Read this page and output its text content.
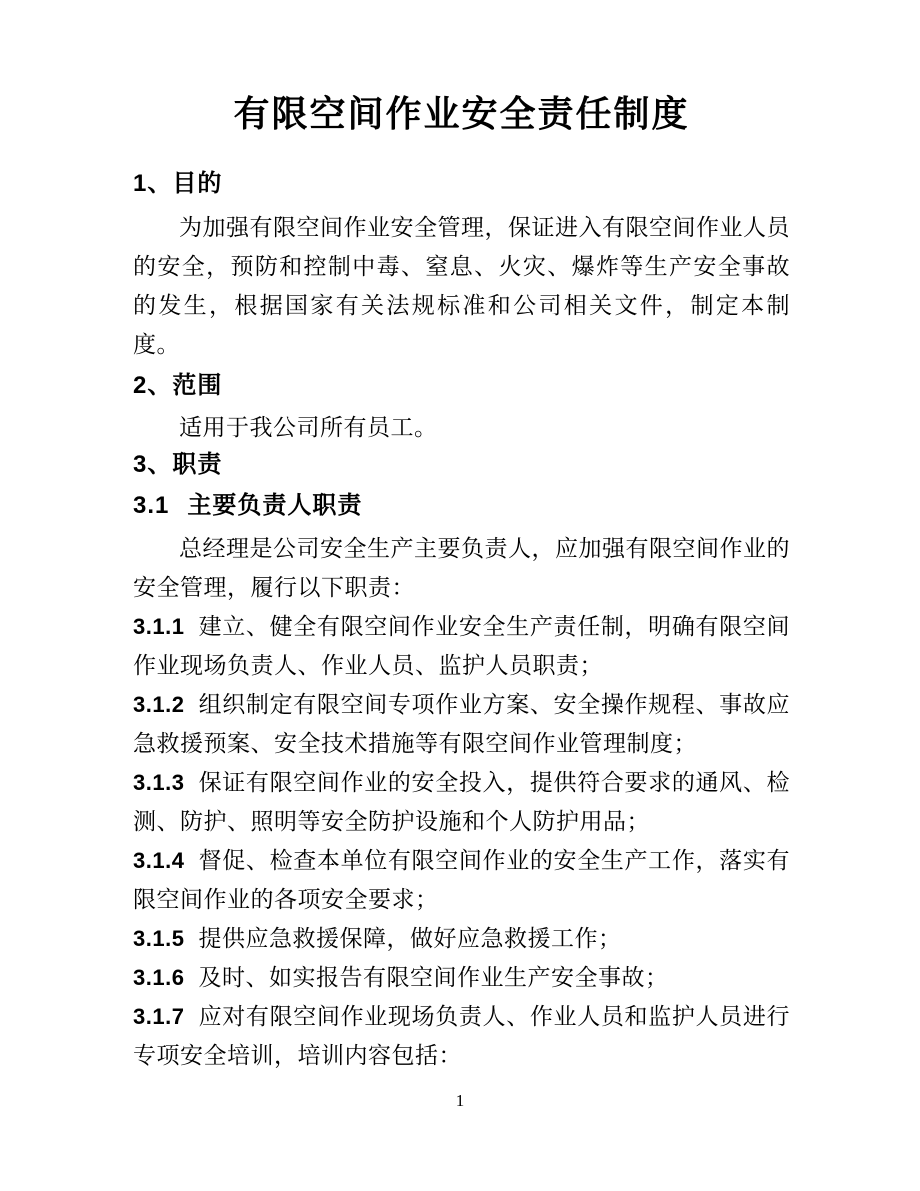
有限空间作业安全责任制度
1、目的

为加强有限空间作业安全管理，保证进入有限空间作业人员的安全，预防和控制中毒、窒息、火灾、爆炸等生产安全事故的发生，根据国家有关法规标准和公司相关文件，制定本制度。

2、范围

适用于我公司所有员工。

3、职责
3.1 主要负责人职责

总经理是公司安全生产主要负责人，应加强有限空间作业的安全管理，履行以下职责：

3.1.1 建立、健全有限空间作业安全生产责任制，明确有限空间作业现场负责人、作业人员、监护人员职责；

3.1.2 组织制定有限空间专项作业方案、安全操作规程、事故应急救援预案、安全技术措施等有限空间作业管理制度；

3.1.3 保证有限空间作业的安全投入，提供符合要求的通风、检测、防护、照明等安全防护设施和个人防护用品；

3.1.4 督促、检查本单位有限空间作业的安全生产工作，落实有限空间作业的各项安全要求；

3.1.5 提供应急救援保障，做好应急救援工作；

3.1.6 及时、如实报告有限空间作业生产安全事故；

3.1.7 应对有限空间作业现场负责人、作业人员和监护人员进行专项安全培训，培训内容包括：

1
